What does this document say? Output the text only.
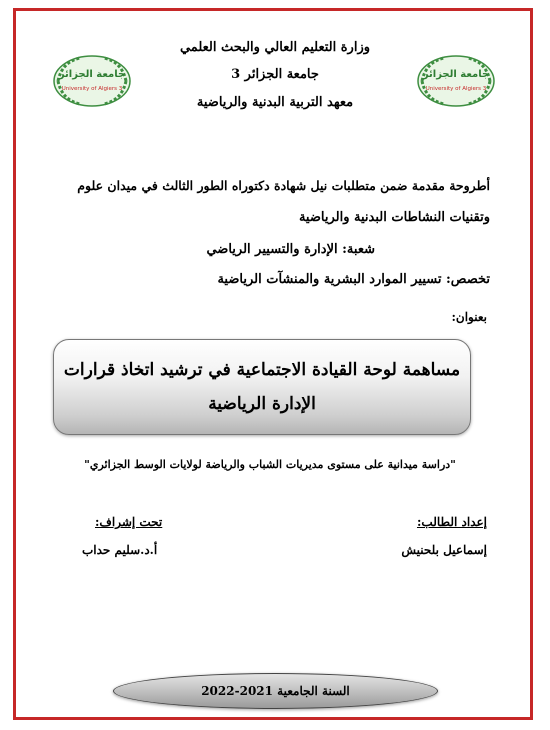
جامعة الجزائر
University of Algiers 3
جامعة الجزائر
University of Algiers 3
وزارة التعليم العالي والبحث العلمي
جامعة الجزائر 3
معهد التربية البدنية والرياضية
أطروحة مقدمة ضمن متطلبات نيل شهادة دكتوراه الطور الثالث في ميدان علوم
وتقنيات النشاطات البدنية والرياضية
شعبة: الإدارة والتسيير الرياضي
تخصص: تسيير الموارد البشرية والمنشآت الرياضية
بعنوان:
مساهمة لوحة القيادة الاجتماعية في ترشيد اتخاذ قرارات
الإدارة الرياضية
"دراسة ميدانية على مستوى مديريات الشباب والرياضة لولايات الوسط الجزائري"
إعداد الطالب:
إسماعيل بلحنيش
تحت إشراف:
أ.د.سليم حداب
السنة الجامعية 2021-2022
